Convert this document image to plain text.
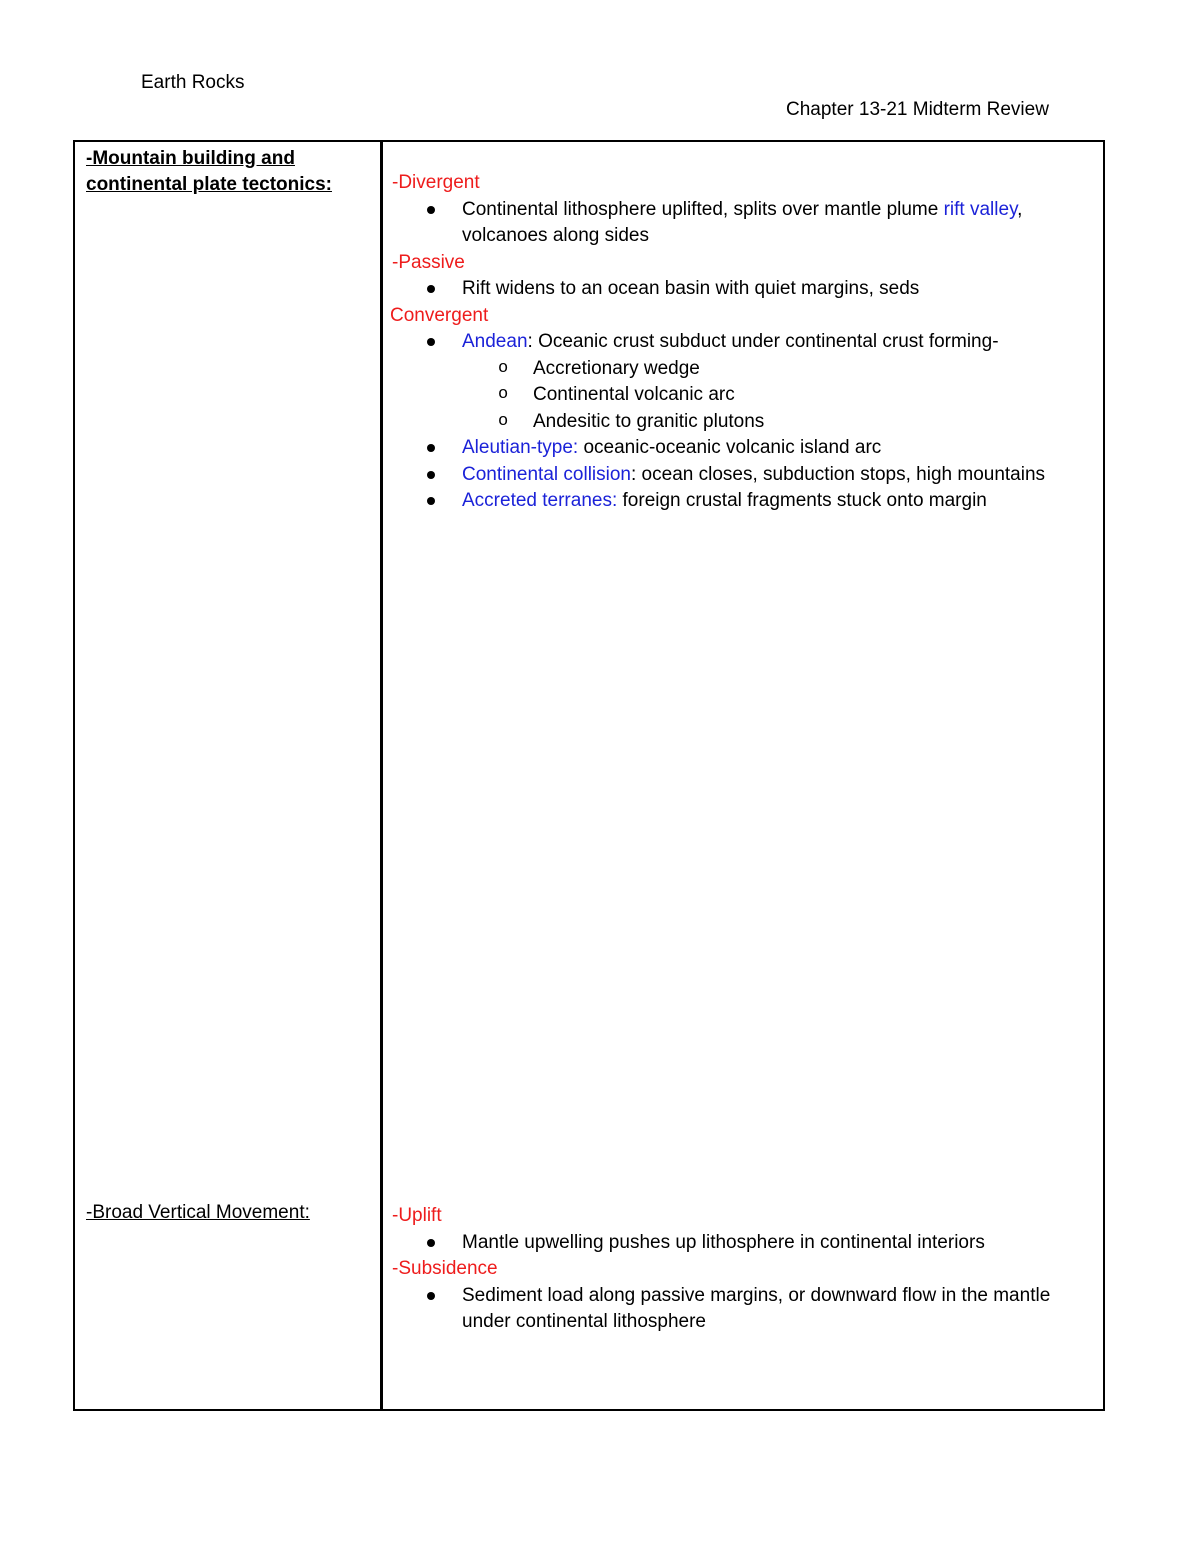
Earth Rocks
Chapter 13-21 Midterm Review
-Mountain building and continental plate tectonics:	-Divergent

Continental lithosphere uplifted, splits over mantle plume rift valley, volcanoes along sides

-Passive

Rift widens to an ocean basin with quiet margins, seds

Convergent

Andean: Oceanic crust subduct under continental crust forming-
o Accretionary wedge
o Continental volcanic arc
o Andesitic to granitic plutons
Aleutian-type: oceanic-oceanic volcanic island arc
Continental collision: ocean closes, subduction stops, high mountains
Accreted terranes: foreign crustal fragments stuck onto margin
-Broad Vertical Movement:	-Uplift

Mantle upwelling pushes up lithosphere in continental interiors

-Subsidence

Sediment load along passive margins, or downward flow in the mantle under continental lithosphere
